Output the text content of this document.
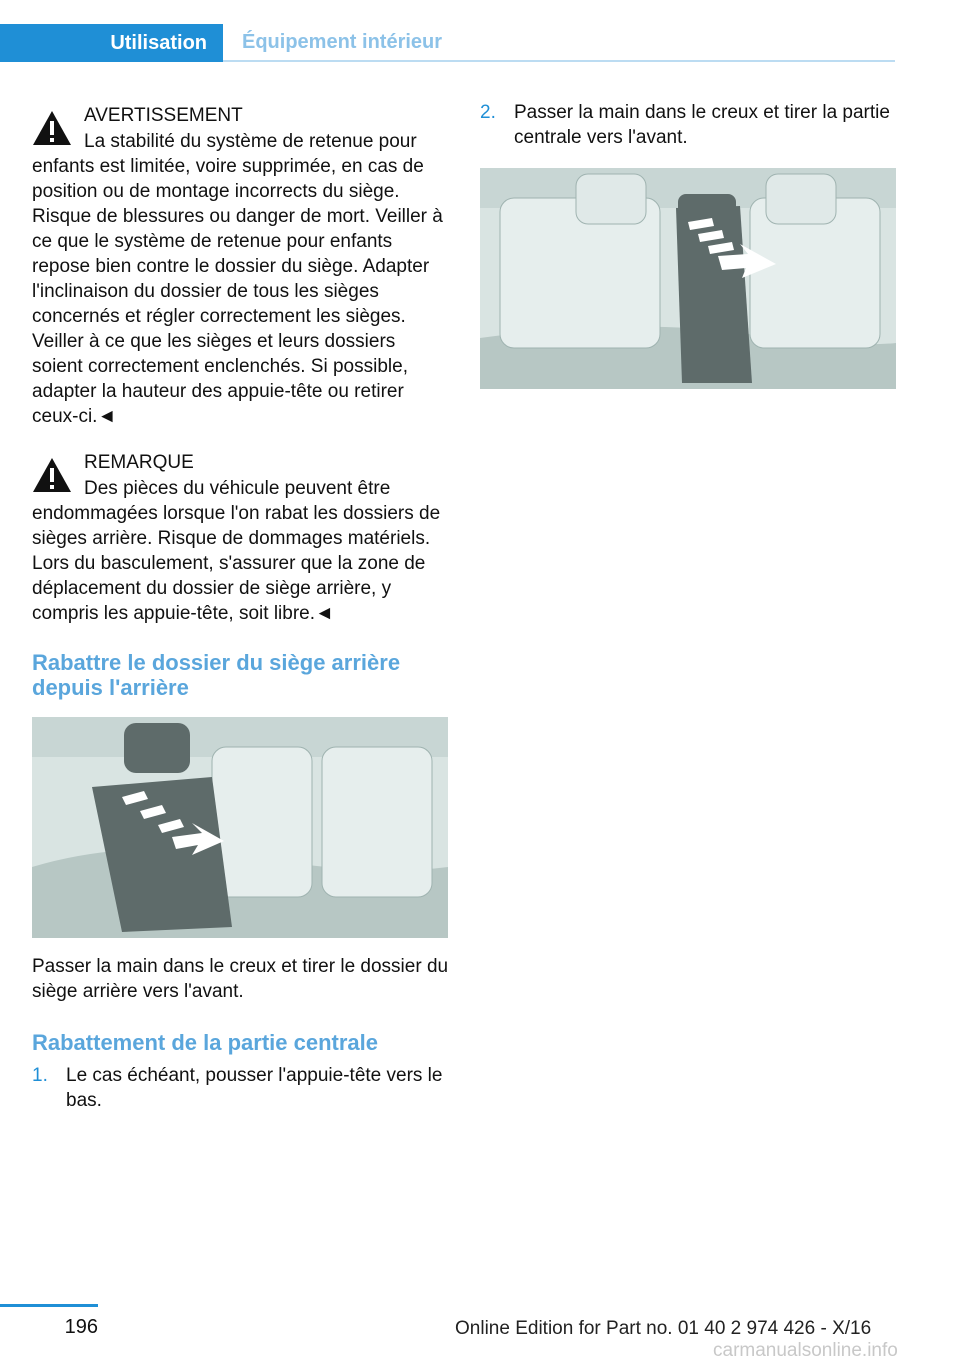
Utilisation	Équipement intérieur
AVERTISSEMENT

La stabilité du système de retenue pour enfants est limitée, voire supprimée, en cas de position ou de montage incorrects du siège. Risque de blessures ou danger de mort. Veiller à ce que le système de retenue pour enfants repose bien contre le dossier du siège. Adapter l'inclinaison du dossier de tous les sièges concernés et régler correctement les sièges. Veiller à ce que les sièges et leurs dossiers soient correctement enclenchés. Si possible, adapter la hauteur des appuie-tête ou retirer ceux-ci.◄

REMARQUE

Des pièces du véhicule peuvent être endommagées lorsque l'on rabat les dossiers de sièges arrière. Risque de dommages matériels. Lors du basculement, s'assurer que la zone de déplacement du dossier de siège arrière, y compris les appuie-tête, soit libre.◄

Rabattre le dossier du siège arrière depuis l'arrière

Passer la main dans le creux et tirer le dossier du siège arrière vers l'avant.

Rabattement de la partie centrale
1. Le cas échéant, pousser l'appuie-tête vers le bas.
2. Passer la main dans le creux et tirer la partie centrale vers l'avant.
196	Online Edition for Part no. 01 40 2 974 426 - X/16
carmanualsonline.info
